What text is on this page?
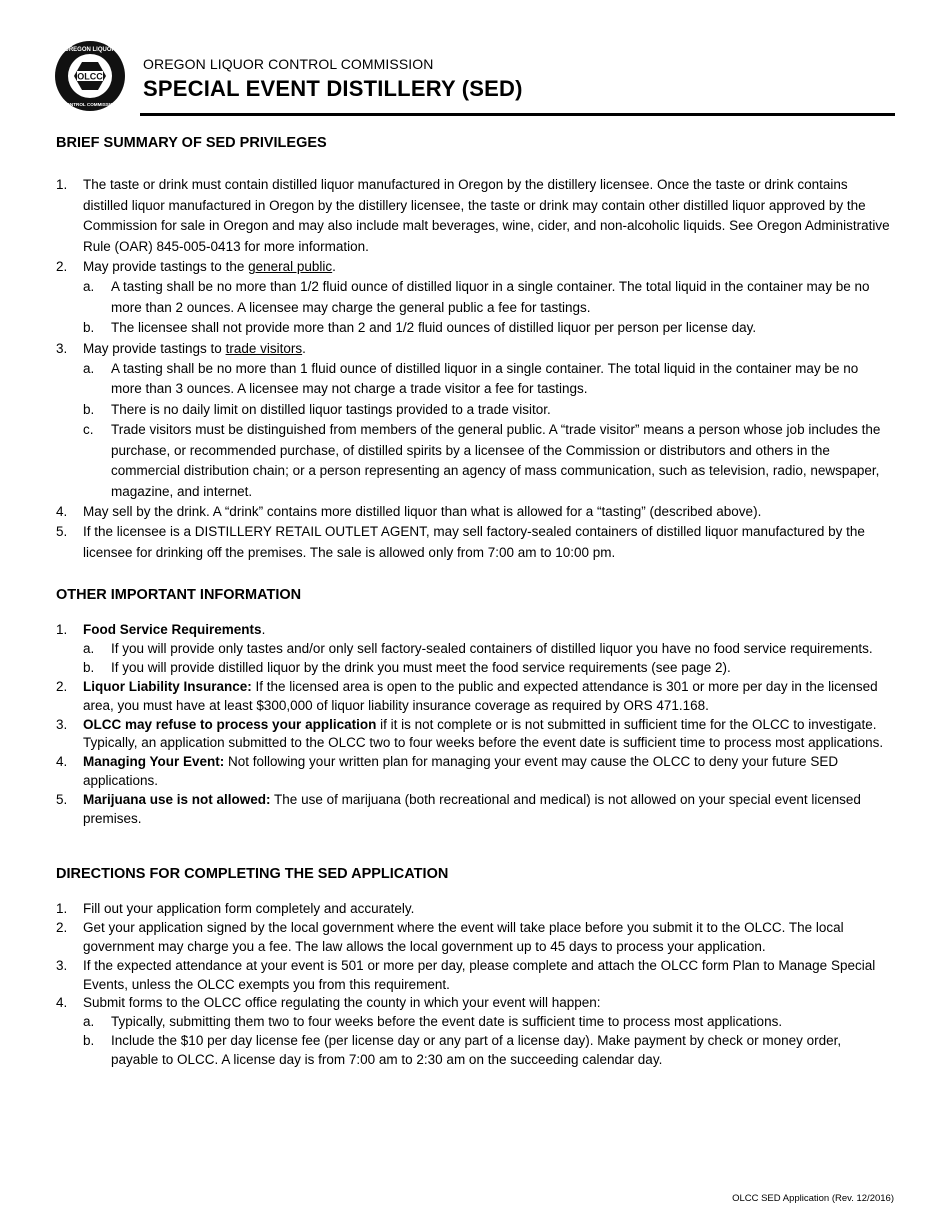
OLCC
OREGON LIQUOR
CONTROL COMMISSION
OREGON LIQUOR CONTROL COMMISSION
SPECIAL EVENT DISTILLERY (SED)
BRIEF SUMMARY OF SED PRIVILEGES
1. The taste or drink must contain distilled liquor manufactured in Oregon by the distillery licensee. Once the taste or drink contains distilled liquor manufactured in Oregon by the distillery licensee, the taste or drink may contain other distilled liquor approved by the Commission for sale in Oregon and may also include malt beverages, wine, cider, and non-alcoholic liquids. See Oregon Administrative Rule (OAR) 845-005-0413 for more information.
2. May provide tastings to the general public.
a. A tasting shall be no more than 1/2 fluid ounce of distilled liquor in a single container. The total liquid in the container may be no more than 2 ounces. A licensee may charge the general public a fee for tastings.
b. The licensee shall not provide more than 2 and 1/2 fluid ounces of distilled liquor per person per license day.
3. May provide tastings to trade visitors.
a. A tasting shall be no more than 1 fluid ounce of distilled liquor in a single container. The total liquid in the container may be no more than 3 ounces. A licensee may not charge a trade visitor a fee for tastings.
b. There is no daily limit on distilled liquor tastings provided to a trade visitor.
c. Trade visitors must be distinguished from members of the general public. A “trade visitor” means a person whose job includes the purchase, or recommended purchase, of distilled spirits by a licensee of the Commission or distributors and others in the commercial distribution chain; or a person representing an agency of mass communication, such as television, radio, newspaper, magazine, and internet.
4. May sell by the drink. A “drink” contains more distilled liquor than what is allowed for a “tasting” (described above).
5. If the licensee is a DISTILLERY RETAIL OUTLET AGENT, may sell factory-sealed containers of distilled liquor manufactured by the licensee for drinking off the premises. The sale is allowed only from 7:00 am to 10:00 pm.
OTHER IMPORTANT INFORMATION
1. Food Service Requirements.
a. If you will provide only tastes and/or only sell factory-sealed containers of distilled liquor you have no food service requirements.
b. If you will provide distilled liquor by the drink you must meet the food service requirements (see page 2).
2. Liquor Liability Insurance: If the licensed area is open to the public and expected attendance is 301 or more per day in the licensed area, you must have at least $300,000 of liquor liability insurance coverage as required by ORS 471.168.
3. OLCC may refuse to process your application if it is not complete or is not submitted in sufficient time for the OLCC to investigate. Typically, an application submitted to the OLCC two to four weeks before the event date is sufficient time to process most applications.
4. Managing Your Event: Not following your written plan for managing your event may cause the OLCC to deny your future SED applications.
5. Marijuana use is not allowed: The use of marijuana (both recreational and medical) is not allowed on your special event licensed premises.
DIRECTIONS FOR COMPLETING THE SED APPLICATION
1. Fill out your application form completely and accurately.
2. Get your application signed by the local government where the event will take place before you submit it to the OLCC. The local government may charge you a fee. The law allows the local government up to 45 days to process your application.
3. If the expected attendance at your event is 501 or more per day, please complete and attach the OLCC form Plan to Manage Special Events, unless the OLCC exempts you from this requirement.
4. Submit forms to the OLCC office regulating the county in which your event will happen:
a. Typically, submitting them two to four weeks before the event date is sufficient time to process most applications.
b. Include the $10 per day license fee (per license day or any part of a license day). Make payment by check or money order, payable to OLCC. A license day is from 7:00 am to 2:30 am on the succeeding calendar day.
OLCC SED Application (Rev. 12/2016)
